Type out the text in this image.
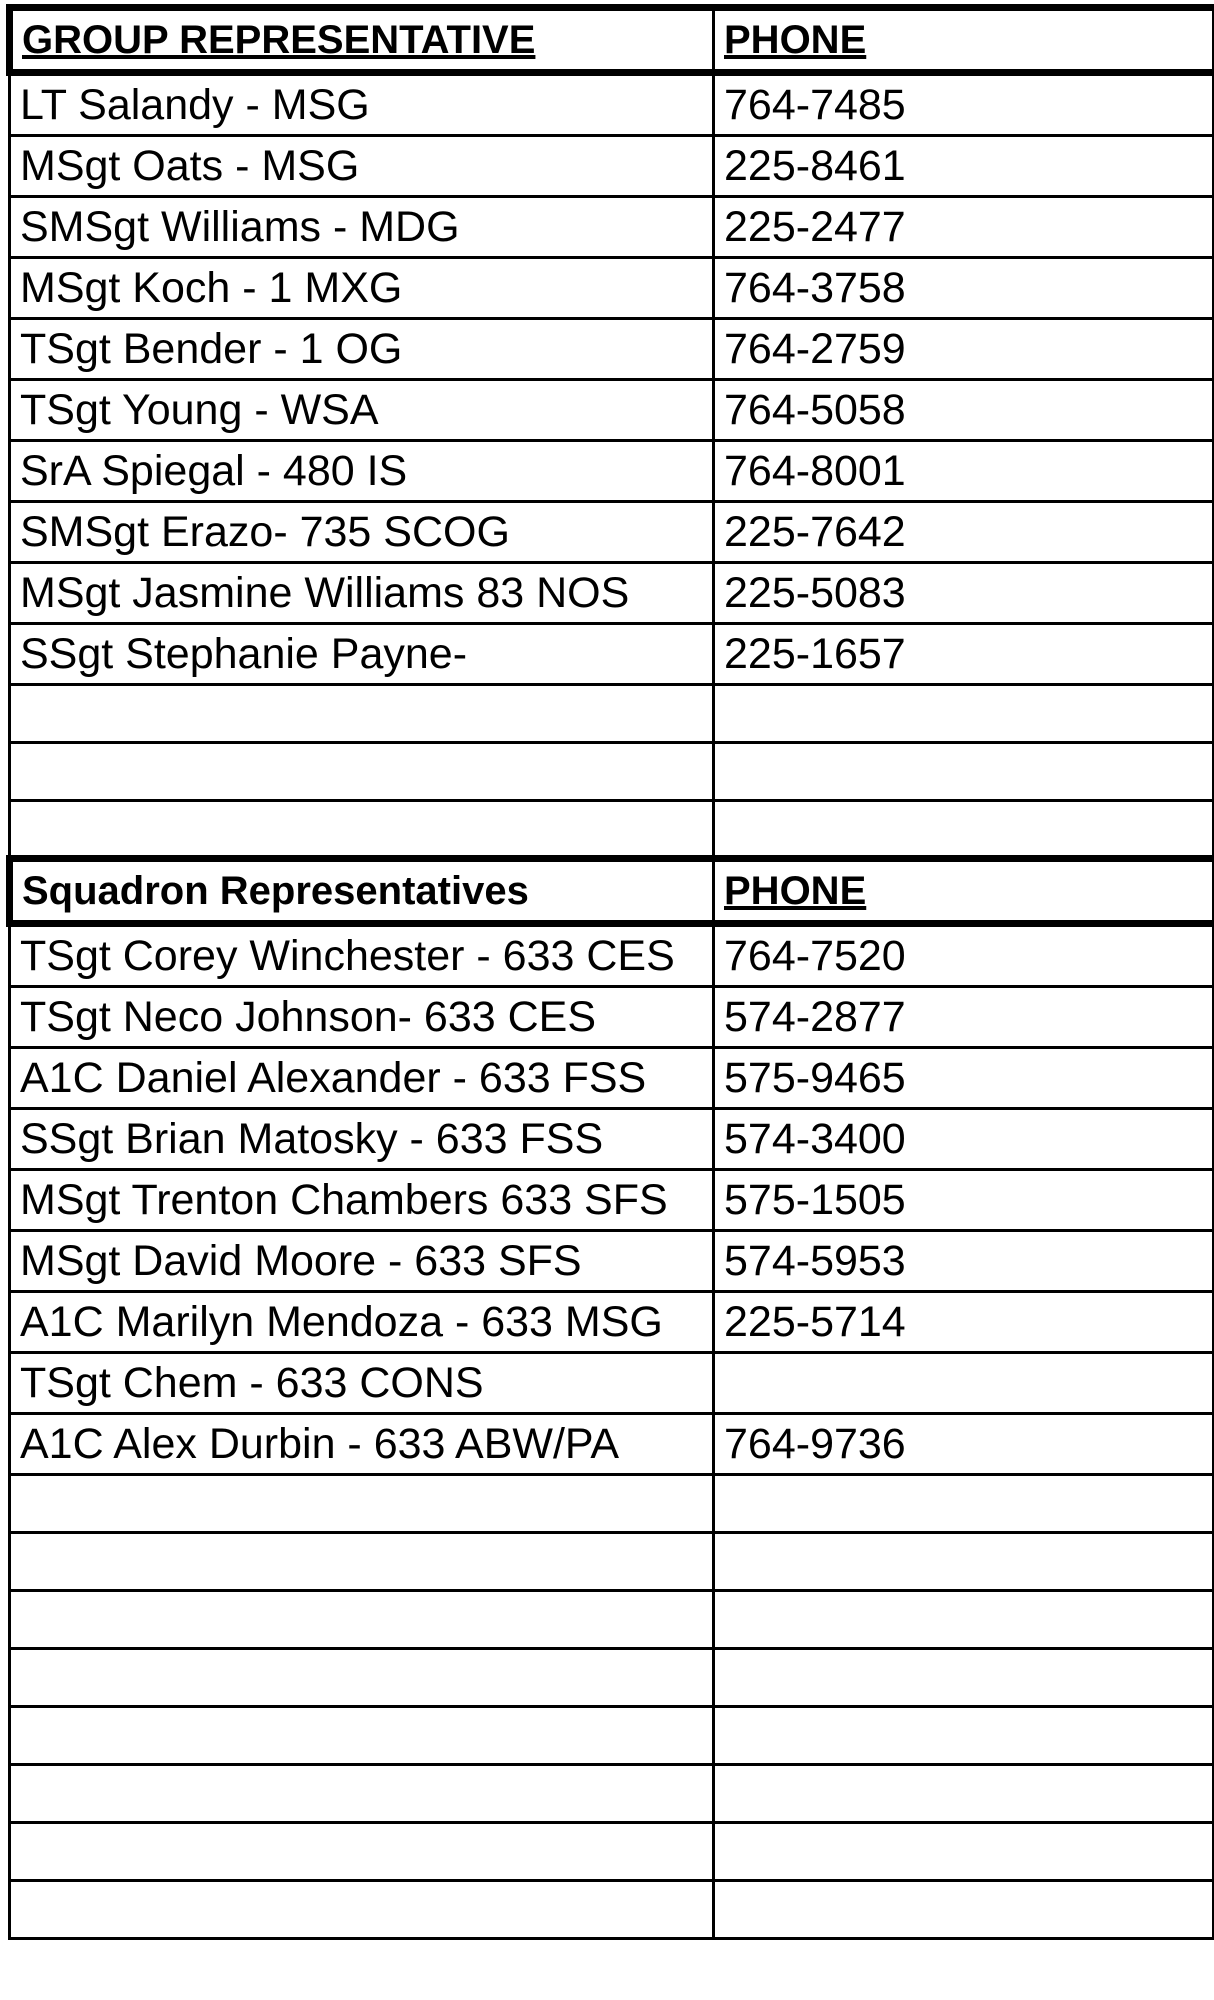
GROUP REPRESENTATIVE	PHONE
LT Salandy - MSG	764-7485
MSgt Oats - MSG	225-8461
SMSgt Williams - MDG	225-2477
MSgt Koch - 1 MXG	764-3758
TSgt Bender - 1 OG	764-2759
TSgt Young - WSA	764-5058
SrA Spiegal - 480 IS	764-8001
SMSgt Erazo- 735 SCOG	225-7642
MSgt Jasmine Williams 83 NOS	225-5083
SSgt Stephanie Payne-	225-1657

Squadron Representatives	PHONE
TSgt Corey Winchester - 633 CES	764-7520
TSgt Neco Johnson- 633 CES	574-2877
A1C Daniel Alexander - 633 FSS	575-9465
SSgt Brian Matosky - 633 FSS	574-3400
MSgt Trenton Chambers 633 SFS	575-1505
MSgt David Moore - 633 SFS	574-5953
A1C Marilyn Mendoza - 633 MSG	225-5714
TSgt Chem - 633 CONS	
A1C Alex Durbin - 633 ABW/PA	764-9736
